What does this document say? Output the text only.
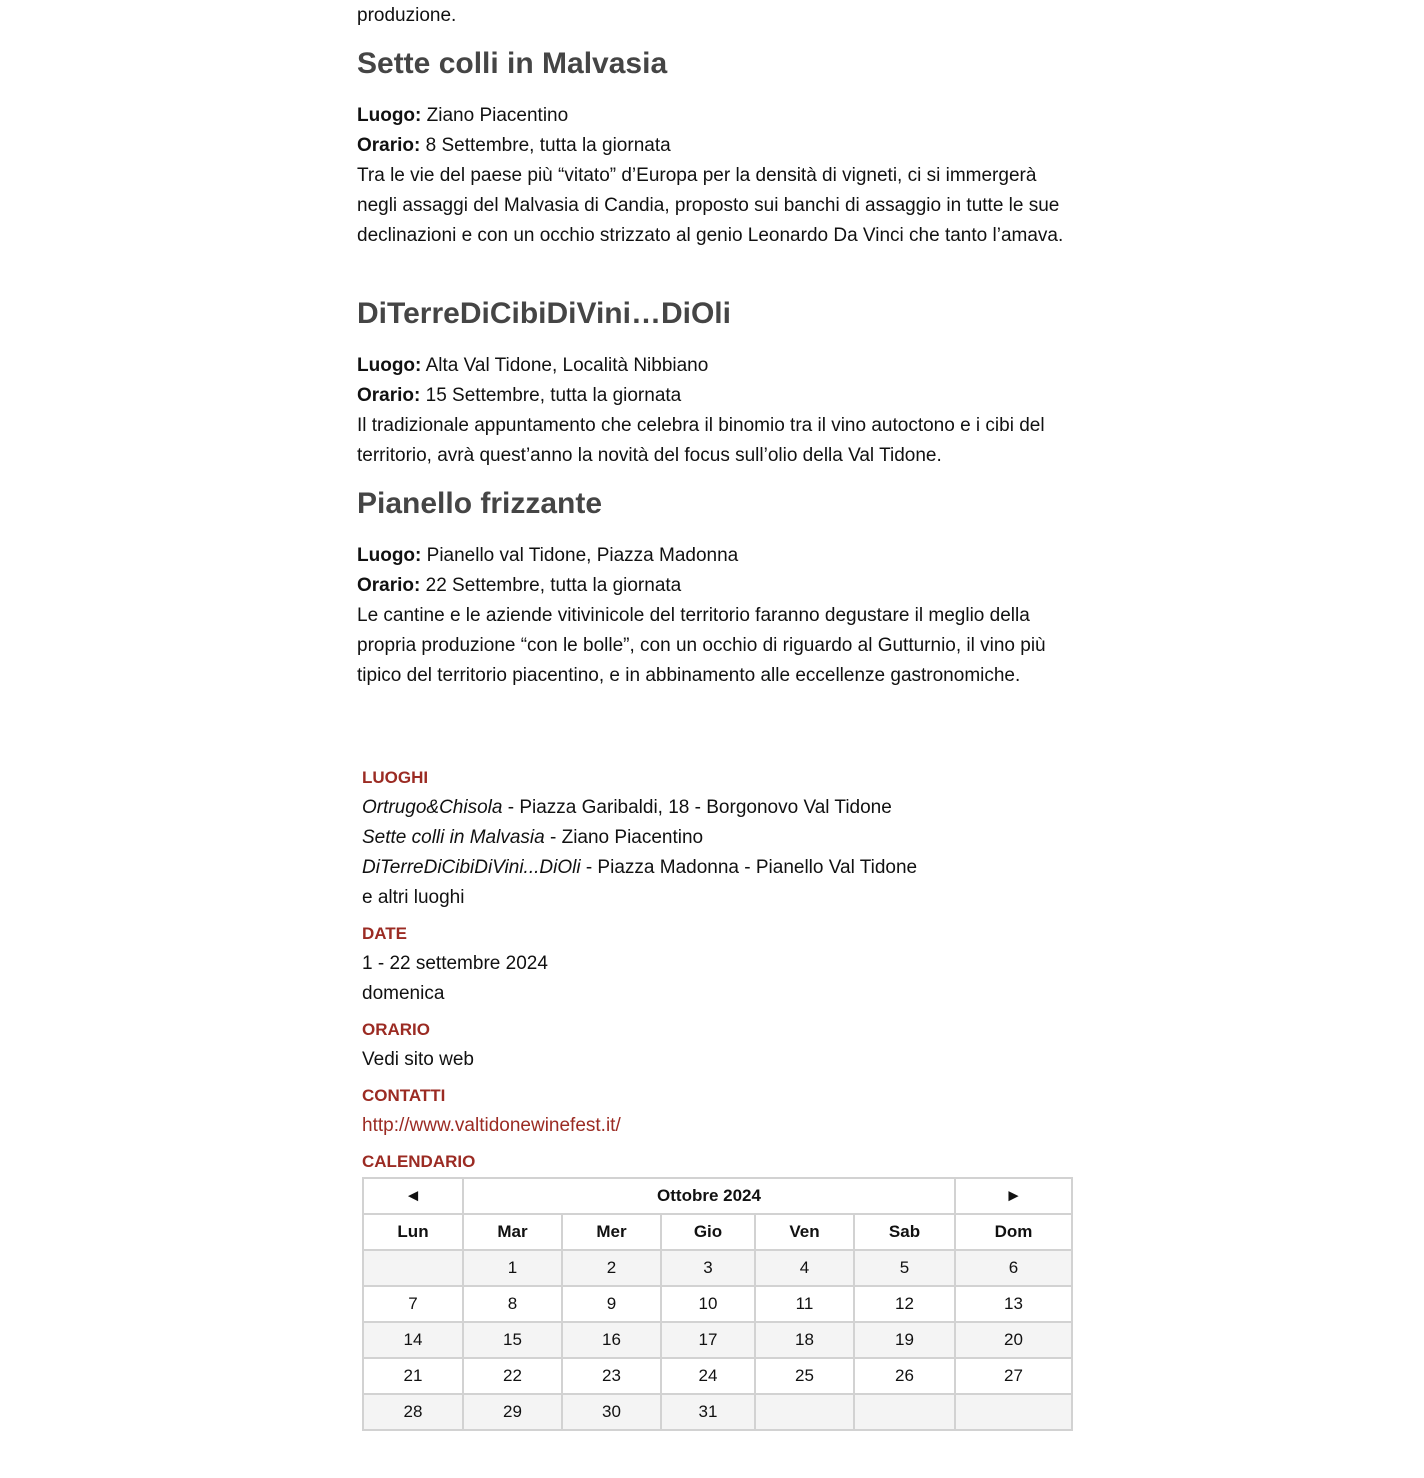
produzione.

Sette colli in Malvasia

Luogo: Ziano Piacentino

Orario: 8 Settembre, tutta la giornata

Tra le vie del paese più “vitato” d’Europa per la densità di vigneti, ci si immergerà negli assaggi del Malvasia di Candia, proposto sui banchi di assaggio in tutte le sue declinazioni e con un occhio strizzato al genio Leonardo Da Vinci che tanto l’amava.

DiTerreDiCibiDiVini…DiOli

Luogo: Alta Val Tidone, Località Nibbiano

Orario: 15 Settembre, tutta la giornata

Il tradizionale appuntamento che celebra il binomio tra il vino autoctono e i cibi del territorio, avrà quest’anno la novità del focus sull’olio della Val Tidone.

Pianello frizzante

Luogo: Pianello val Tidone, Piazza Madonna

Orario: 22 Settembre, tutta la giornata

Le cantine e le aziende vitivinicole del territorio faranno degustare il meglio della propria produzione “con le bolle”, con un occhio di riguardo al Gutturnio, il vino più tipico del territorio piacentino, e in abbinamento alle eccellenze gastronomiche.

LUOGHI

Ortrugo&Chisola - Piazza Garibaldi, 18 - Borgonovo Val Tidone

Sette colli in Malvasia - Ziano Piacentino

DiTerreDiCibiDiVini...DiOli - Piazza Madonna - Pianello Val Tidone

e altri luoghi

DATE

1 - 22 settembre 2024

domenica

ORARIO

Vedi sito web

CONTATTI

http://www.valtidonewinefest.it/

CALENDARIO

◄	Ottobre 2024					►
Lun	Mar	Mer	Gio	Ven	Sab	Dom
	1	2	3	4	5	6
7	8	9	10	11	12	13
14	15	16	17	18	19	20
21	22	23	24	25	26	27
28	29	30	31			
